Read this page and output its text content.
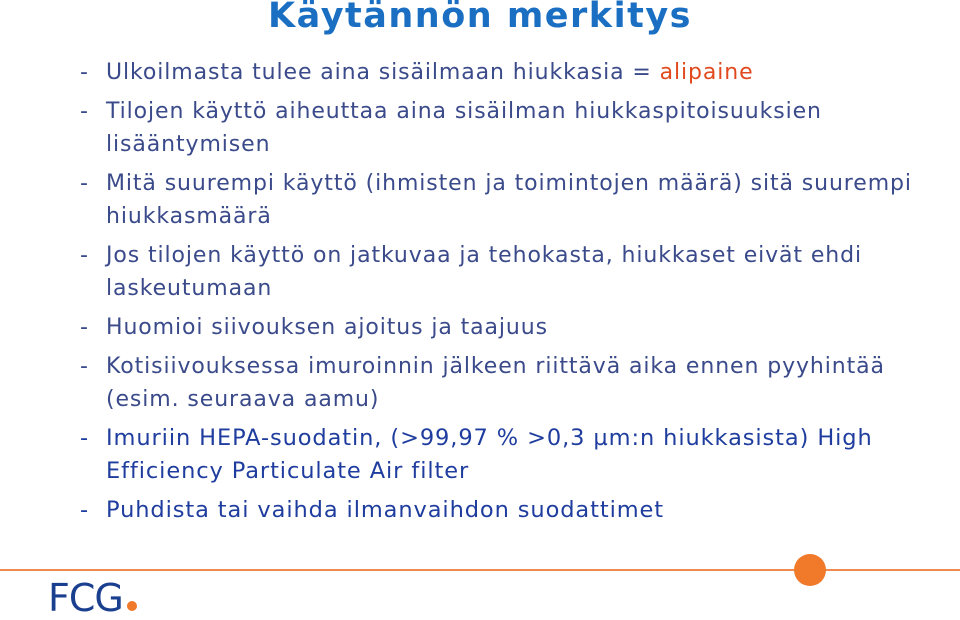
Käytännön merkitys
- Ulkoilmasta tulee aina sisäilmaan hiukkasia = alipaine
- Tilojen käyttö aiheuttaa aina sisäilman hiukkaspitoisuuksien lisääntymisen
- Mitä suurempi käyttö (ihmisten ja toimintojen määrä) sitä suurempi hiukkasmäärä
- Jos tilojen käyttö on jatkuvaa ja tehokasta, hiukkaset eivät ehdi laskeutumaan
- Huomioi siivouksen ajoitus ja taajuus
- Kotisiivouksessa imuroinnin jälkeen riittävä aika ennen pyyhintää (esim. seuraava aamu)
- Imuriin HEPA-suodatin, (>99,97 % >0,3 µm:n hiukkasista) High Efficiency Particulate Air filter
- Puhdista tai vaihda ilmanvaihdon suodattimet
FCG
